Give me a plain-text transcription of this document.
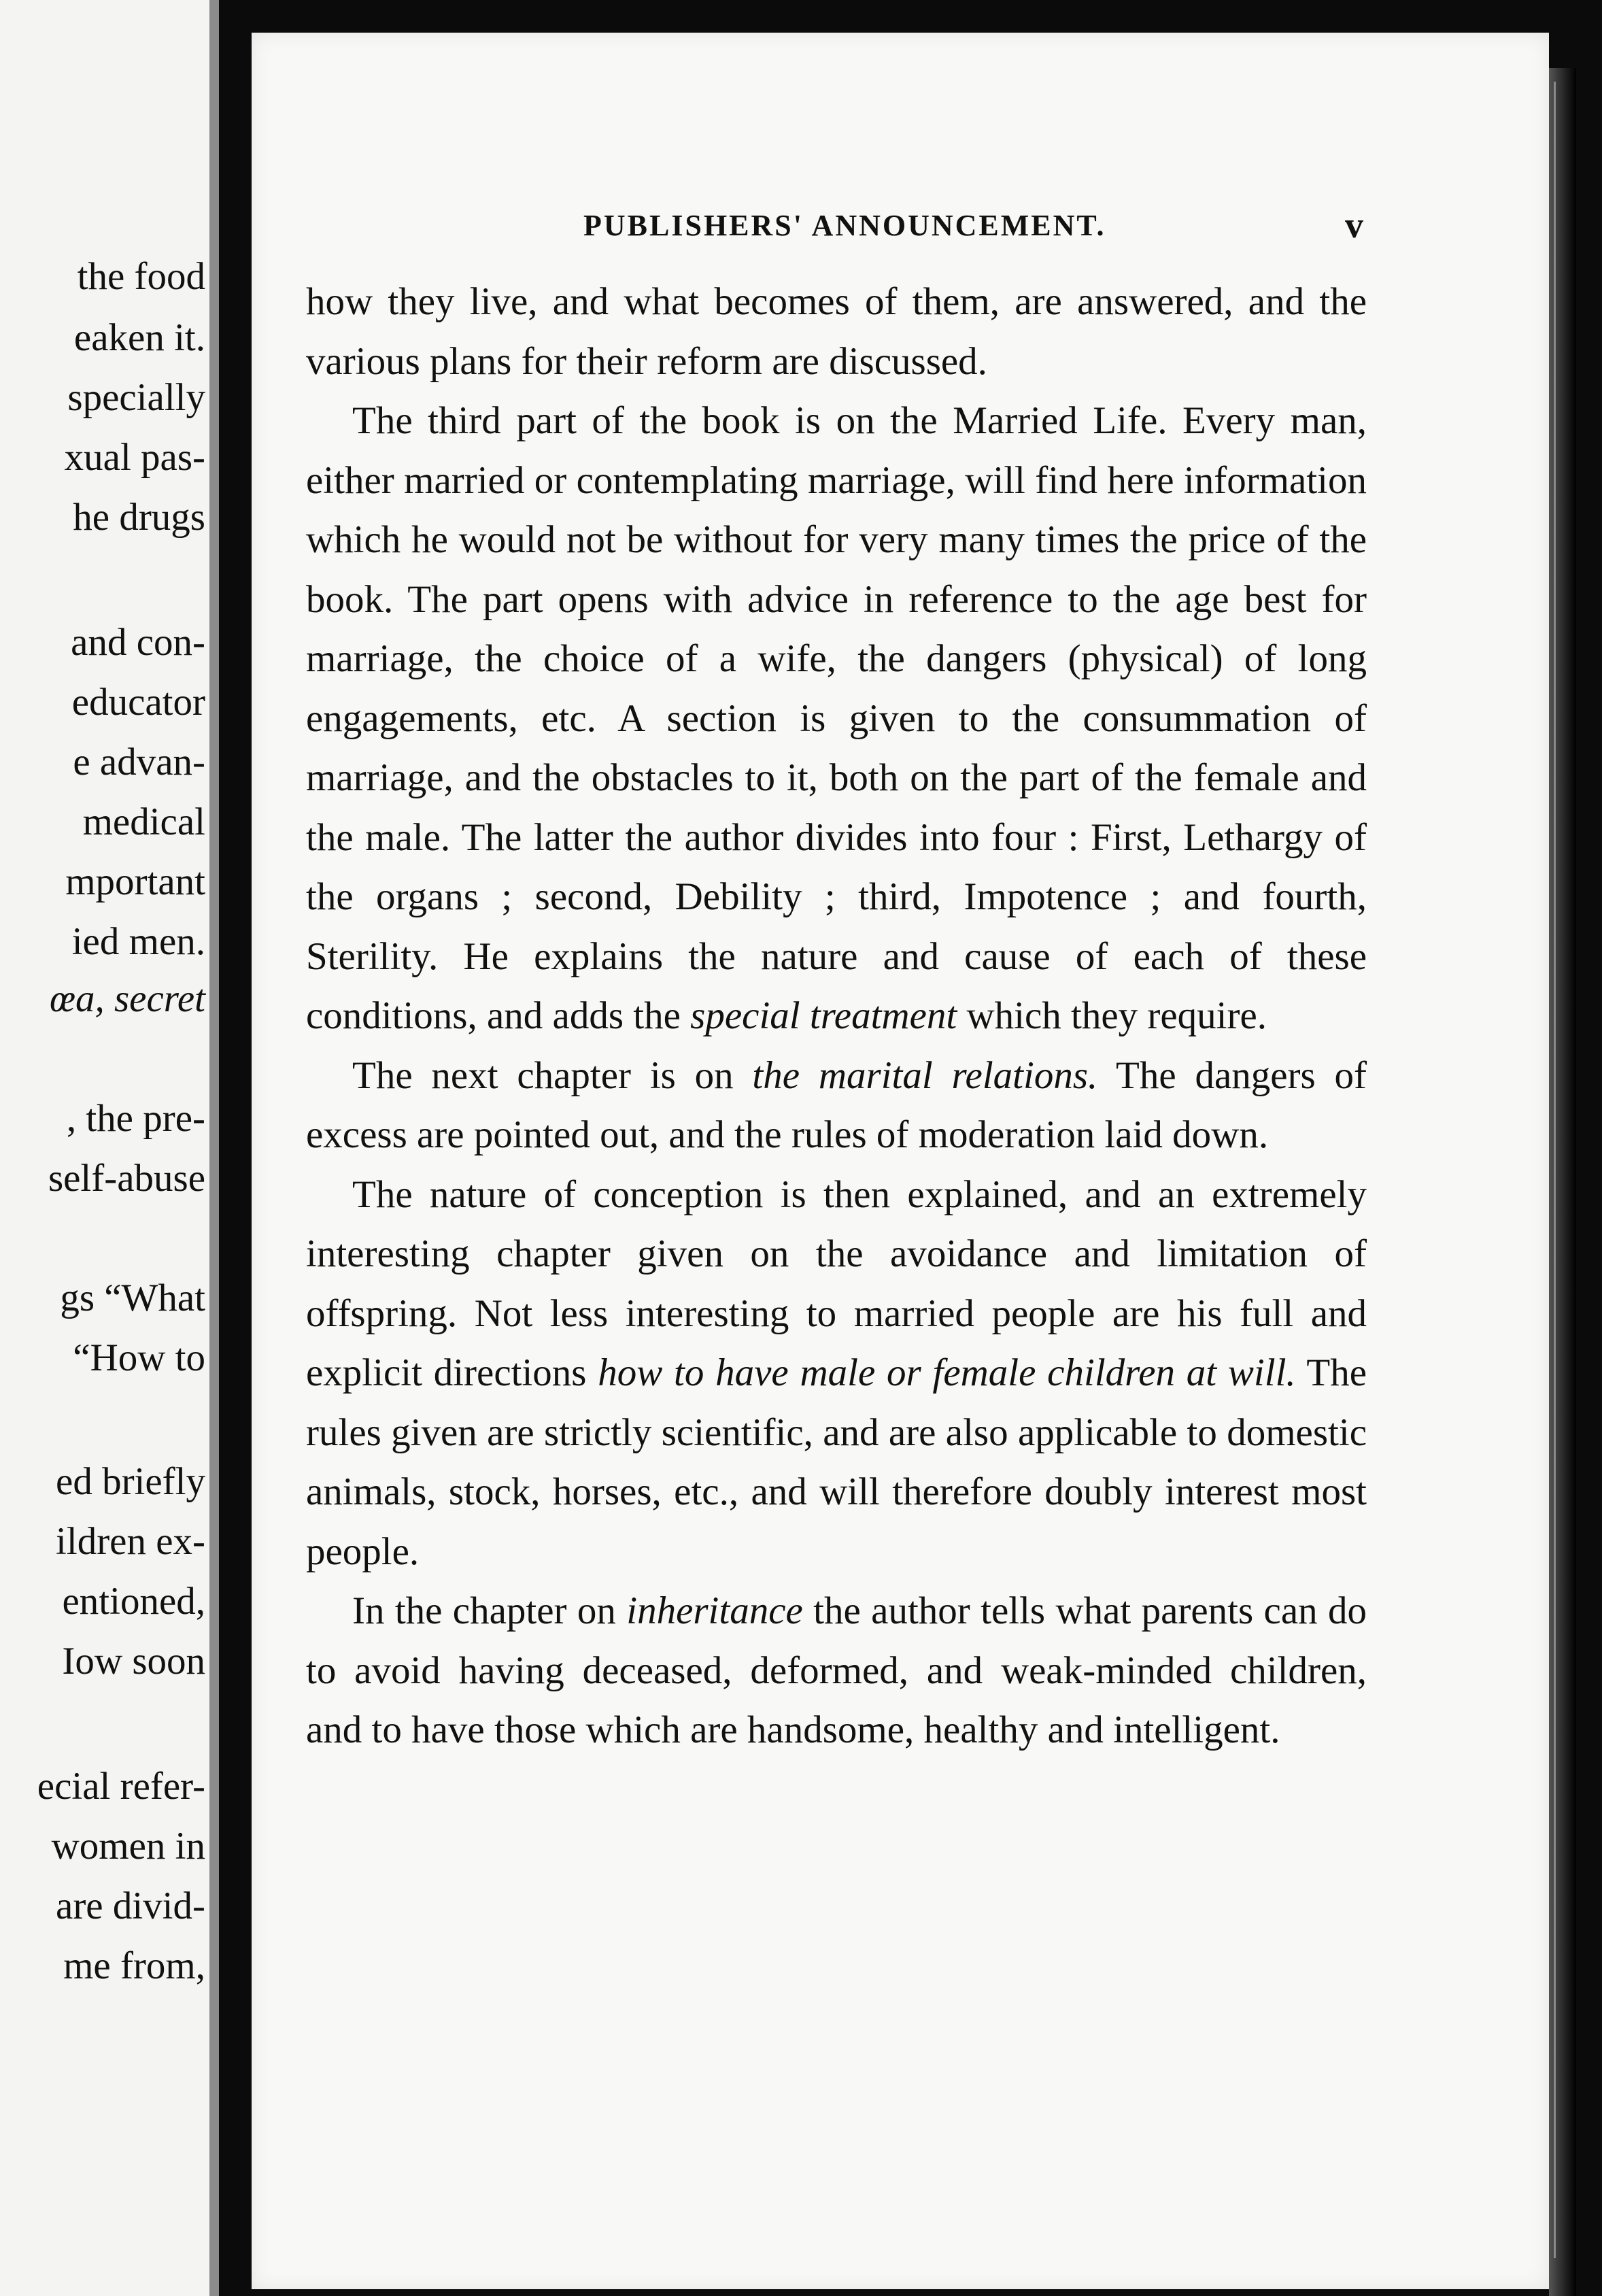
the food
eaken it.
specially
xual pas-
he drugs
and con-
educator
e advan-
medical
mportant
ied men.
œa, secret
, the pre-
self-abuse
gs “What
“How to
ed briefly
ildren ex-
entioned,
Iow soon
ecial refer-
women in
are divid-
me from,
PUBLISHERS' ANNOUNCEMENT.	v

how they live, and what becomes of them, are answered, and the various plans for their reform are discussed.

The third part of the book is on the Married Life. Every man, either married or contemplating marriage, will find here information which he would not be without for very many times the price of the book. The part opens with advice in reference to the age best for marriage, the choice of a wife, the dangers (physical) of long engagements, etc. A section is given to the consummation of marriage, and the obstacles to it, both on the part of the female and the male. The latter the author divides into four : First, Lethargy of the organs ; second, Debility ; third, Impotence ; and fourth, Sterility. He explains the nature and cause of each of these conditions, and adds the special treatment which they require.

The next chapter is on the marital relations. The dangers of excess are pointed out, and the rules of moderation laid down.

The nature of conception is then explained, and an extremely interesting chapter given on the avoidance and limitation of offspring. Not less interesting to married people are his full and explicit directions how to have male or female children at will. The rules given are strictly scientific, and are also applicable to domestic animals, stock, horses, etc., and will therefore doubly interest most people.

In the chapter on inheritance the author tells what parents can do to avoid having deceased, deformed, and weak-minded children, and to have those which are handsome, healthy and intelligent.
